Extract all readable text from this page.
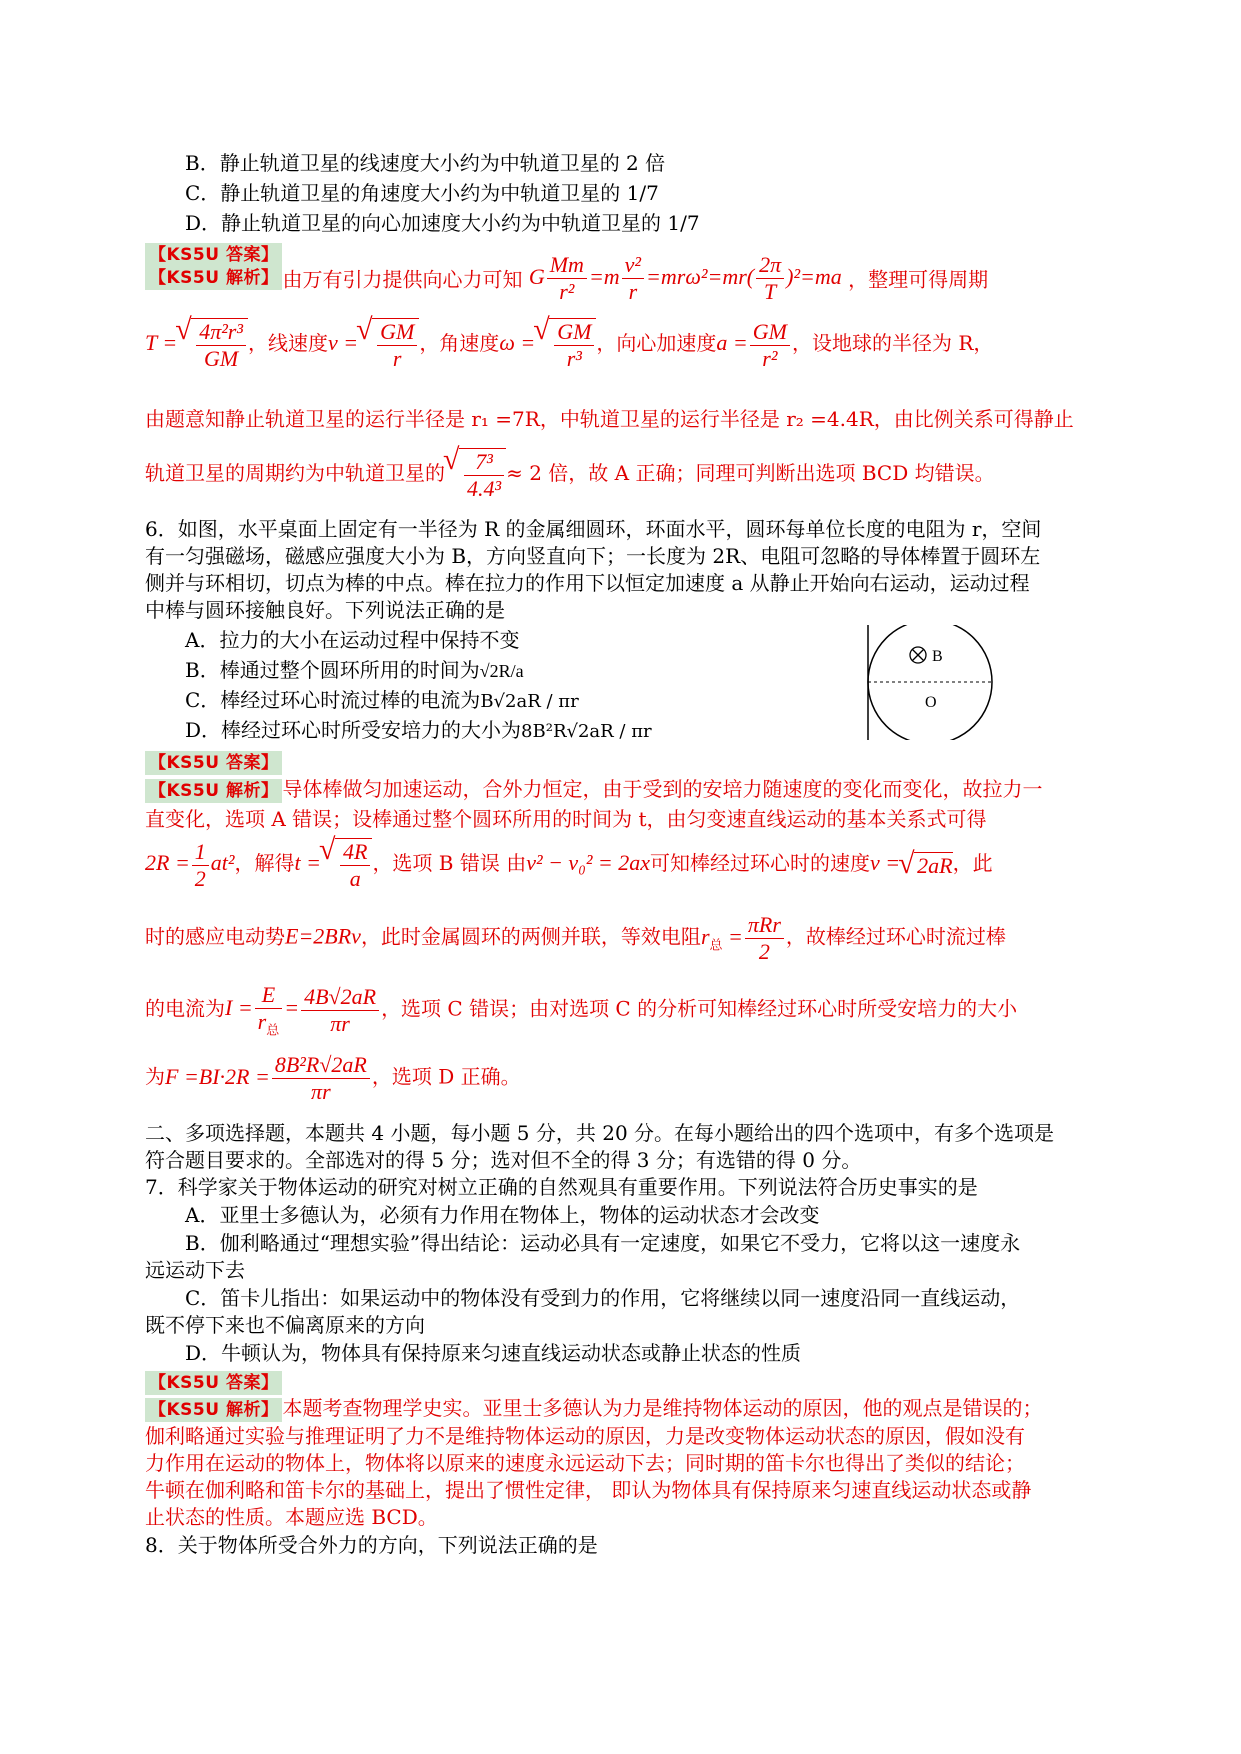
B．静止轨道卫星的线速度大小约为中轨道卫星的 2 倍
C．静止轨道卫星的角速度大小约为中轨道卫星的 1/7
D．静止轨道卫星的向心加速度大小约为中轨道卫星的 1/7
【KS5U 答案】
【KS5U 解析】 由万有引力提供向心力可知 G $\frac{Mm}{\text{r²}} =m \frac{\text{v²}}{r} =mr\omega^2=mr( \frac{2\pi}{T} )^2=ma$ ，整理可得周期
T = √ $\frac{\text{4π²r³}}{GM}$ ，线速度v = √ $\frac{GM}{r}$ ，角速度ω = √ $\frac{GM}{\text{r³}}$ ，向心加速度$a = \frac{GM}{\text{r²}}$ ，设地球的半径为 R，
由题意知静止轨道卫星的运行半径是 r₁ =7R，中轨道卫星的运行半径是 r₂ =4.4R，由比例关系可得静止
轨道卫星的周期约为中轨道卫星的 √ $\frac{\text{7³}}{\text{4.4³}} \approx 2$ 倍，故 A 正确；同理可判断出选项 BCD 均错误。
6．如图，水平桌面上固定有一半径为 R 的金属细圆环，环面水平，圆环每单位长度的电阻为 r，空间
有一匀强磁场，磁感应强度大小为 B，方向竖直向下；一长度为 2R、电阻可忽略的导体棒置于圆环左
侧并与环相切，切点为棒的中点。棒在拉力的作用下以恒定加速度 a 从静止开始向右运动，运动过程
中棒与圆环接触良好。下列说法正确的是
A．拉力的大小在运动过程中保持不变
B．棒通过整个圆环所用的时间为√2R/a
C．棒经过环心时流过棒的电流为B√2aR / πr
D．棒经过环心时所受安培力的大小为8B²R√2aR / πr
B
O
【KS5U 答案】
【KS5U 解析】 导体棒做匀加速运动，合外力恒定，由于受到的安培力随速度的变化而变化，故拉力一
直变化，选项 A 错误；设棒通过整个圆环所用的时间为 t，由匀变速直线运动的基本关系式可得
$2R = \frac{1}{2} at^2$，解得t = √ $\frac{4R}{a}$ ，选项 B 错误 由v² − v₀² = 2ax可知棒经过环心时的速度v = √ 2aR，此
时的感应电动势E=2BRv，此时金属圆环的两侧并联，等效电阻$r_总 = \frac{\text{πRr}}{2}$ ，故棒经过环心时流过棒
的电流为$I = \frac{E}{r_总} = \frac{4B√2aR}{\pi r}$ ，选项 C 错误；由对选项 C 的分析可知棒经过环心时所受安培力的大小
为$F =BI\cdot 2R = \frac{\text{8B²R√2aR}}{\pi r}$ ，选项 D 正确。
二、多项选择题，本题共 4 小题，每小题 5 分，共 20 分。在每小题给出的四个选项中，有多个选项是
符合题目要求的。全部选对的得 5 分；选对但不全的得 3 分；有选错的得 0 分。
7．科学家关于物体运动的研究对树立正确的自然观具有重要作用。下列说法符合历史事实的是
A．亚里士多德认为，必须有力作用在物体上，物体的运动状态才会改变
B．伽利略通过“理想实验”得出结论：运动必具有一定速度，如果它不受力，它将以这一速度永
远运动下去
C．笛卡儿指出：如果运动中的物体没有受到力的作用，它将继续以同一速度沿同一直线运动，
既不停下来也不偏离原来的方向
D．牛顿认为，物体具有保持原来匀速直线运动状态或静止状态的性质
【KS5U 答案】
【KS5U 解析】 本题考查物理学史实。亚里士多德认为力是维持物体运动的原因，他的观点是错误的；
伽利略通过实验与推理证明了力不是维持物体运动的原因，力是改变物体运动状态的原因，假如没有
力作用在运动的物体上，物体将以原来的速度永远运动下去；同时期的笛卡尔也得出了类似的结论；
牛顿在伽利略和笛卡尔的基础上，提出了惯性定律， 即认为物体具有保持原来匀速直线运动状态或静
止状态的性质。本题应选 BCD。
8．关于物体所受合外力的方向，下列说法正确的是
